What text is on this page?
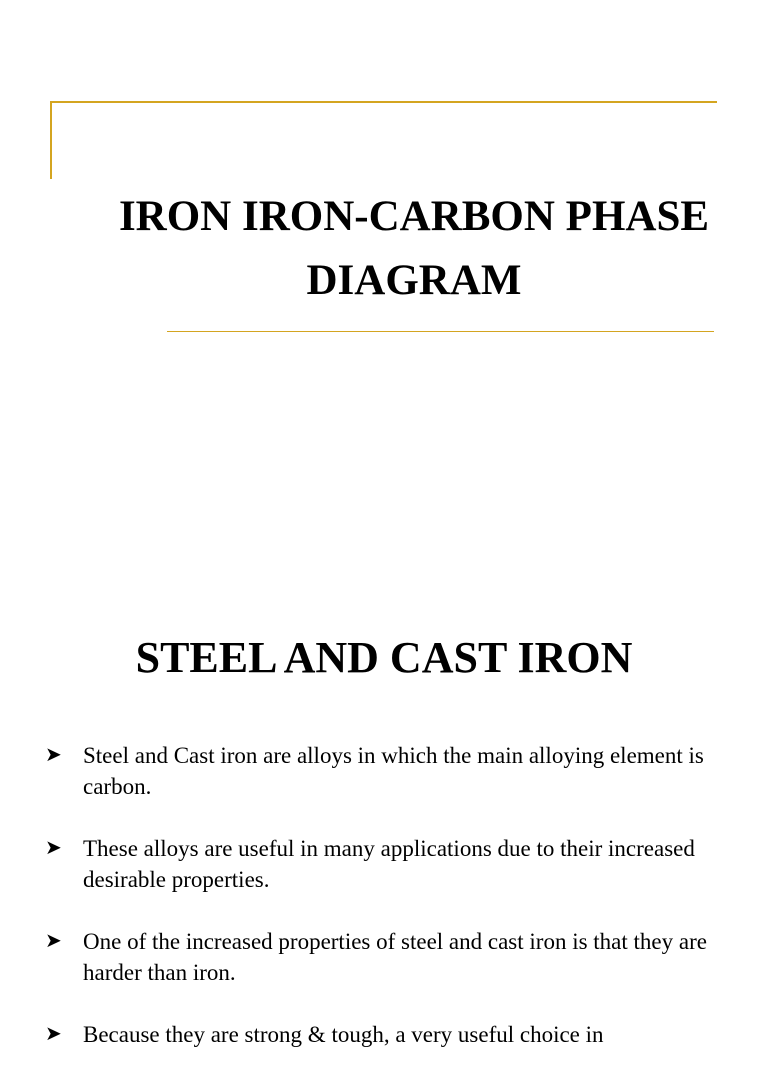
IRON IRON-CARBON PHASE
DIAGRAM
STEEL AND CAST IRON
➤ Steel and Cast iron are alloys in which the main alloying element is carbon.
➤ These alloys are useful in many applications due to their increased desirable properties.
➤ One of the increased properties of steel and cast iron is that they are harder than iron.
➤ Because they are strong & tough, a very useful choice in
